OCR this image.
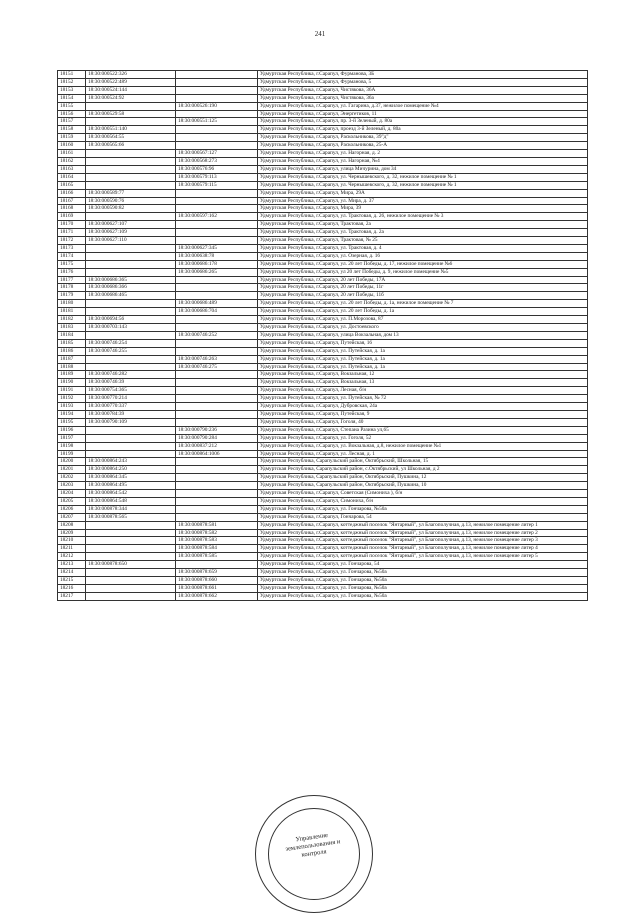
241
18151	18:30:000522:326		Удмуртская Республика, г.Сарапул, Фурманова, 3Б
18152	18:30:000522:489		Удмуртская Республика, г.Сарапул, Фурманова, 5
18153	18:30:000524:144		Удмуртская Республика, г.Сарапул, Чистякова, 36А
18154	18:30:000524:92		Удмуртская Республика, г.Сарапул, Чистякова, 36а
18155		18:30:000526:190	Удмуртская Республика, г.Сарапул, ул. Гагарина, д.37, нежилое помещение №4
18156	18:30:000529:58		Удмуртская Республика, г.Сарапул, Энергетиков, 11
18157		18:30:000551:125	Удмуртская Республика, г.Сарапул, пр. 3-й Зеленый, д. 80а
18158	18:30:000551:140		Удмуртская Республика, г.Сарапул, проезд 3-й Зеленый, д. 80а
18159	18:30:000564:55		Удмуртская Республика, г.Сарапул, Раскольникова, 39"д"
18160	18:30:000565:66		Удмуртская Республика, г.Сарапул, Раскольникова, 25-А
18161		18:30:000567:127	Удмуртская Республика, г.Сарапул, ул. Нагорная, д. 2
18162		18:30:000568:273	Удмуртская Республика, г.Сарапул, ул. Нагорная, №4
18163		18:30:000576:96	Удмуртская Республика, г.Сарапул, улица Мичурина, дом 34
18164		18:30:000579:113	Удмуртская Республика, г.Сарапул, ул. Чернышевского, д. 32, нежилое помещение № 1
18165		18:30:000579:115	Удмуртская Республика, г.Сарапул, ул. Чернышевского, д. 32, нежилое помещение № 1
18166	18:30:000589:77		Удмуртская Республика, г.Сарапул, Мира, 29А
18167	18:30:000590:76		Удмуртская Республика, г.Сарапул, ул. Мира, д. 37
18168	18:30:000590:82		Удмуртская Республика, г.Сарапул, Мира, 39
18169		18:30:000597:162	Удмуртская Республика, г.Сарапул, ул. Трактовая, д. 26, нежилое помещение № 3
18170	18:30:000627:107		Удмуртская Республика, г.Сарапул, Трактовая, 2а
18171	18:30:000627:109		Удмуртская Республика, г.Сарапул, ул. Трактовая, д. 2а
18172	18:30:000627:110		Удмуртская Республика, г.Сарапул, Трактовая, № 25
18173		18:30:000627:345	Удмуртская Республика, г.Сарапул, ул. Трактовая, д. 4
18174		18:30:000638:78	Удмуртская Республика, г.Сарапул, ул. Озерная, д. 16
18175		18:30:000686:178	Удмуртская Республика, г.Сарапул, ул. 20 лет Победы, д. 17, нежилое помещение №6
18176		18:30:000686:265	Удмуртская Республика, г.Сарапул, ул 20 лет Победы, д. 9, нежилое помещение №5
18177	18:30:000686:365		Удмуртская Республика, г.Сарапул, 20 лет Победы, 17А
18178	18:30:000686:366		Удмуртская Республика, г.Сарапул, 20 лет Победы, 11г
18179	18:30:000686:465		Удмуртская Республика, г.Сарапул, 20 лет Победы, 11б
18180		18:30:000686:489	Удмуртская Республика, г.Сарапул, ул. 20 лет Победы, д. 1а, нежилое помещение № 7
18181		18:30:000686:704	Удмуртская Республика, г.Сарапул, ул. 20 лет Победы, д. 1а
18182	18:30:000694:56		Удмуртская Республика, г.Сарапул, ул. П.Морозова, 87
18183	18:30:000703:143		Удмуртская Республика, г.Сарапул, ул. Достоевского
18184		18:30:000746:252	Удмуртская Республика, г.Сарапул, улица Вокзальная, дом 13
18185	18:30:000746:254		Удмуртская Республика, г.Сарапул, Путейская, 16
18186	18:30:000746:255		Удмуртская Республика, г.Сарапул, ул. Путейская, д. 1а
18187		18:30:000746:263	Удмуртская Республика, г.Сарапул, ул. Путейская, д. 1а
18188		18:30:000746:275	Удмуртская Республика, г.Сарапул, ул. Путейская, д. 1а
18189	18:30:000746:282		Удмуртская Республика, г.Сарапул, Вокзальная, 12
18190	18:30:000746:39		Удмуртская Республика, г.Сарапул, Вокзальная, 13
18191	18:30:000754:365		Удмуртская Республика, г.Сарапул, Лесная, б/н
18192	18:30:000770:214		Удмуртская Республика, г.Сарапул, ул. Путейская, № 72
18193	18:30:000770:337		Удмуртская Республика, г.Сарапул, Дубровская, 24а
18194	18:30:000784:39		Удмуртская Республика, г.Сарапул, Путейская, 9
18195	18:30:000790:109		Удмуртская Республика, г.Сарапул, Гоголя, 40
18196		18:30:000790:236	Удмуртская Республика, г.Сарапул, Степана Разина ул,65
18197		18:30:000790:284	Удмуртская Республика, г.Сарапул, ул. Гоголя, 52
18198		18:30:000837:212	Удмуртская Республика, г.Сарапул, ул. Вокзальная, д.8, нежилое помещение №1
18199		18:30:000864:1006	Удмуртская Республика, г.Сарапул, ул. Лесная, д. 1
18200	18:30:000864:243		Удмуртская Республика, Сарапульский район, Октябрьский, Школьная, 15
18201	18:30:000864:250		Удмуртская Республика, Сарапульский район, с.Октябрьский, ул Школьная, д 2
18202	18:30:000864:345		Удмуртская Республика, Сарапульский район, Октябрьский, Пушкина, 12
18203	18:30:000864:495		Удмуртская Республика, Сарапульский район, Октябрьский, Пушкина, 10
18204	18:30:000864:542		Удмуртская Республика, г.Сарапул, Советская (Симониха ), б/н
18205	18:30:000864:548		Удмуртская Республика, г.Сарапул, Симониха, б/н
18206	18:30:000878:344		Удмуртская Республика, г.Сарапул, ул. Гончарова, №50а
18207	18:30:000878:565		Удмуртская Республика, г.Сарапул, Гончарова, 54
18208		18:30:000878:581	Удмуртская Республика, г.Сарапул, коттеджный поселок "Янтарный", ул Благополучная, д.13, нежилое помещение литер 1
18209		18:30:000878:582	Удмуртская Республика, г.Сарапул, коттеджный поселок "Янтарный", ул Благополучная, д.13, нежилое помещение литер 2
18210		18:30:000878:583	Удмуртская Республика, г.Сарапул, коттеджный поселок "Янтарный", ул Благополучная, д.13, нежилое помещение литер 3
18211		18:30:000878:584	Удмуртская Республика, г.Сарапул, коттеджный поселок "Янтарный", ул Благополучная, д.13, нежилое помещение литер 4
18212		18:30:000878:585	Удмуртская Республика, г.Сарапул, коттеджный поселок "Янтарный", ул Благополучная, д.13, нежилое помещение литер 5
18213	18:30:000878:650		Удмуртская Республика, г.Сарапул, ул. Гончарова, 54
18214		18:30:000878:659	Удмуртская Республика, г.Сарапул, ул. Гончарова, №50а
18215		18:30:000878:660	Удмуртская Республика, г.Сарапул, ул. Гончарова, №50а
18216		18:30:000878:661	Удмуртская Республика, г.Сарапул, ул. Гончарова, №50а
18217		18:30:000878:662	Удмуртская Республика, г.Сарапул, ул. Гончарова, №50а
Управление землепользования и контроля
